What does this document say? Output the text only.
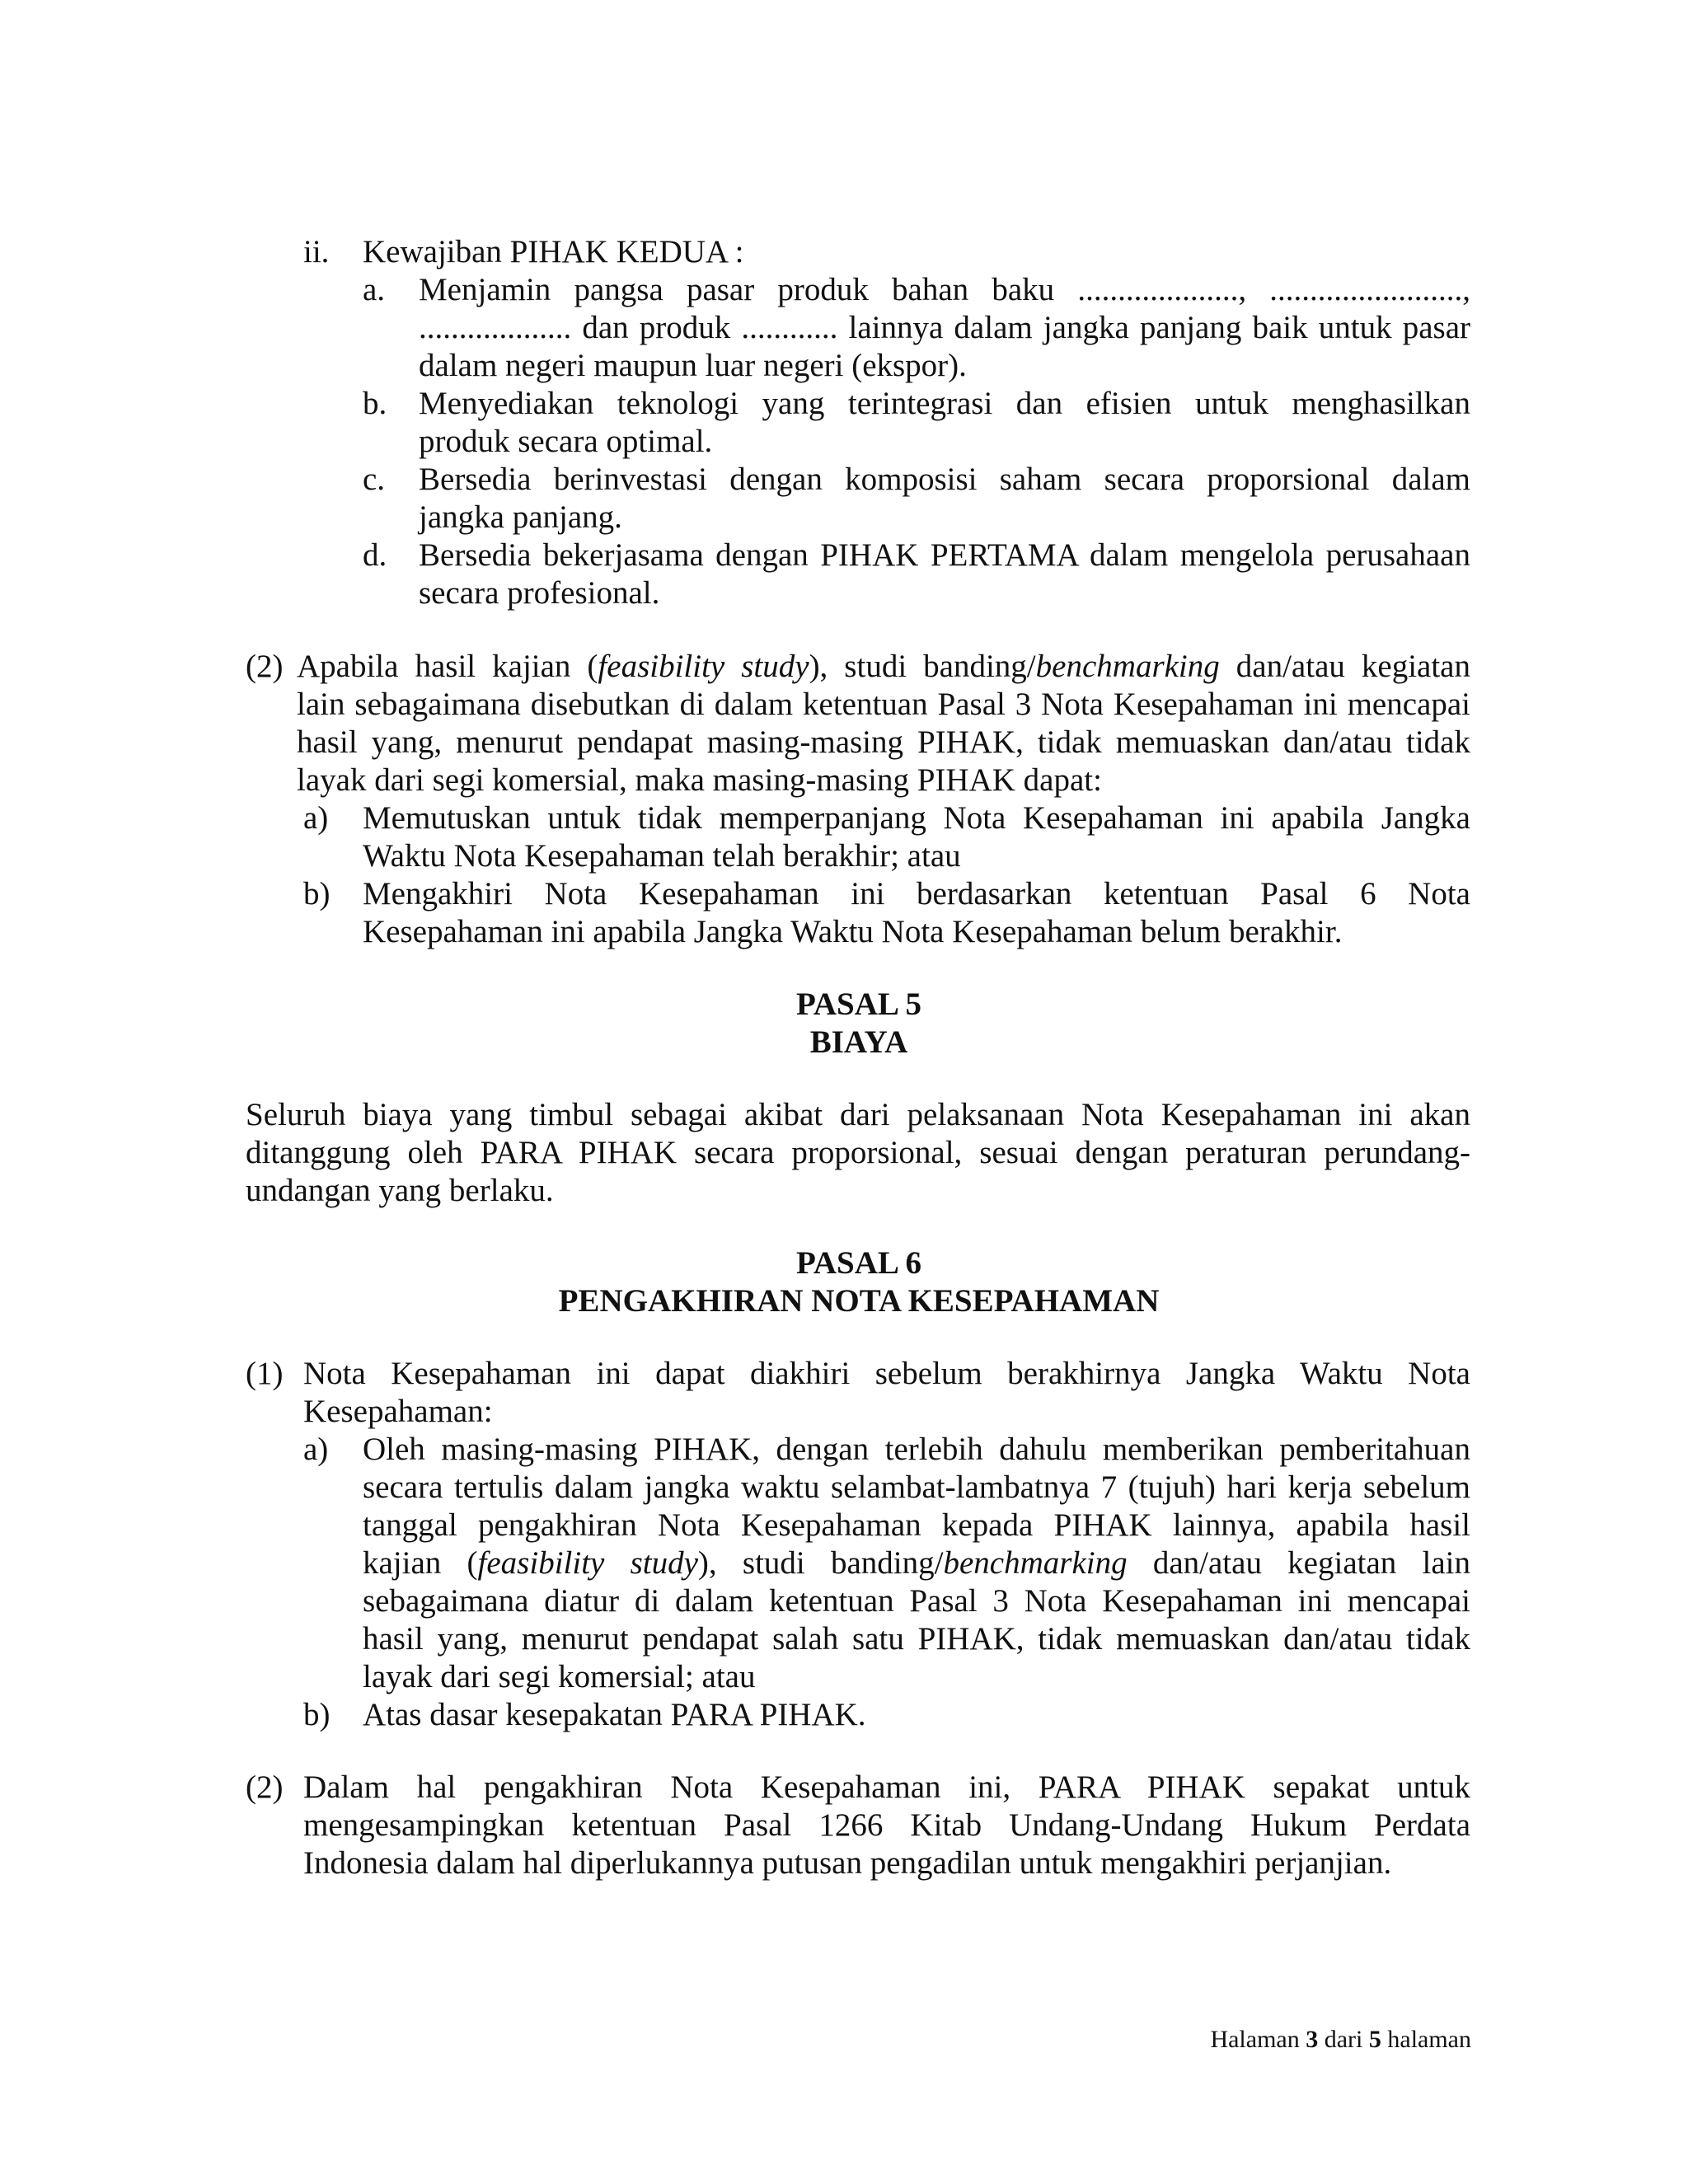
ii. Kewajiban PIHAK KEDUA :
a. Menjamin pangsa pasar produk bahan baku ...................., ........................,
................... dan produk ............ lainnya dalam jangka panjang baik untuk pasar
dalam negeri maupun luar negeri (ekspor).
b. Menyediakan teknologi yang terintegrasi dan efisien untuk menghasilkan
produk secara optimal.
c. Bersedia berinvestasi dengan komposisi saham secara proporsional dalam
jangka panjang.
d. Bersedia bekerjasama dengan PIHAK PERTAMA dalam mengelola perusahaan
secara profesional.
(2) Apabila hasil kajian (feasibility study), studi banding/benchmarking dan/atau kegiatan
lain sebagaimana disebutkan di dalam ketentuan Pasal 3 Nota Kesepahaman ini mencapai
hasil yang, menurut pendapat masing-masing PIHAK, tidak memuaskan dan/atau tidak
layak dari segi komersial, maka masing-masing PIHAK dapat:
a) Memutuskan untuk tidak memperpanjang Nota Kesepahaman ini apabila Jangka
Waktu Nota Kesepahaman telah berakhir; atau
b) Mengakhiri Nota Kesepahaman ini berdasarkan ketentuan Pasal 6 Nota
Kesepahaman ini apabila Jangka Waktu Nota Kesepahaman belum berakhir.
PASAL 5
BIAYA
Seluruh biaya yang timbul sebagai akibat dari pelaksanaan Nota Kesepahaman ini akan
ditanggung oleh PARA PIHAK secara proporsional, sesuai dengan peraturan perundang-
undangan yang berlaku.
PASAL 6
PENGAKHIRAN NOTA KESEPAHAMAN
(1) Nota Kesepahaman ini dapat diakhiri sebelum berakhirnya Jangka Waktu Nota
Kesepahaman:
a) Oleh masing-masing PIHAK, dengan terlebih dahulu memberikan pemberitahuan
secara tertulis dalam jangka waktu selambat-lambatnya 7 (tujuh) hari kerja sebelum
tanggal pengakhiran Nota Kesepahaman kepada PIHAK lainnya, apabila hasil
kajian (feasibility study), studi banding/benchmarking dan/atau kegiatan lain
sebagaimana diatur di dalam ketentuan Pasal 3 Nota Kesepahaman ini mencapai
hasil yang, menurut pendapat salah satu PIHAK, tidak memuaskan dan/atau tidak
layak dari segi komersial; atau
b) Atas dasar kesepakatan PARA PIHAK.
(2) Dalam hal pengakhiran Nota Kesepahaman ini, PARA PIHAK sepakat untuk
mengesampingkan ketentuan Pasal 1266 Kitab Undang-Undang Hukum Perdata
Indonesia dalam hal diperlukannya putusan pengadilan untuk mengakhiri perjanjian.
Halaman 3 dari 5 halaman
